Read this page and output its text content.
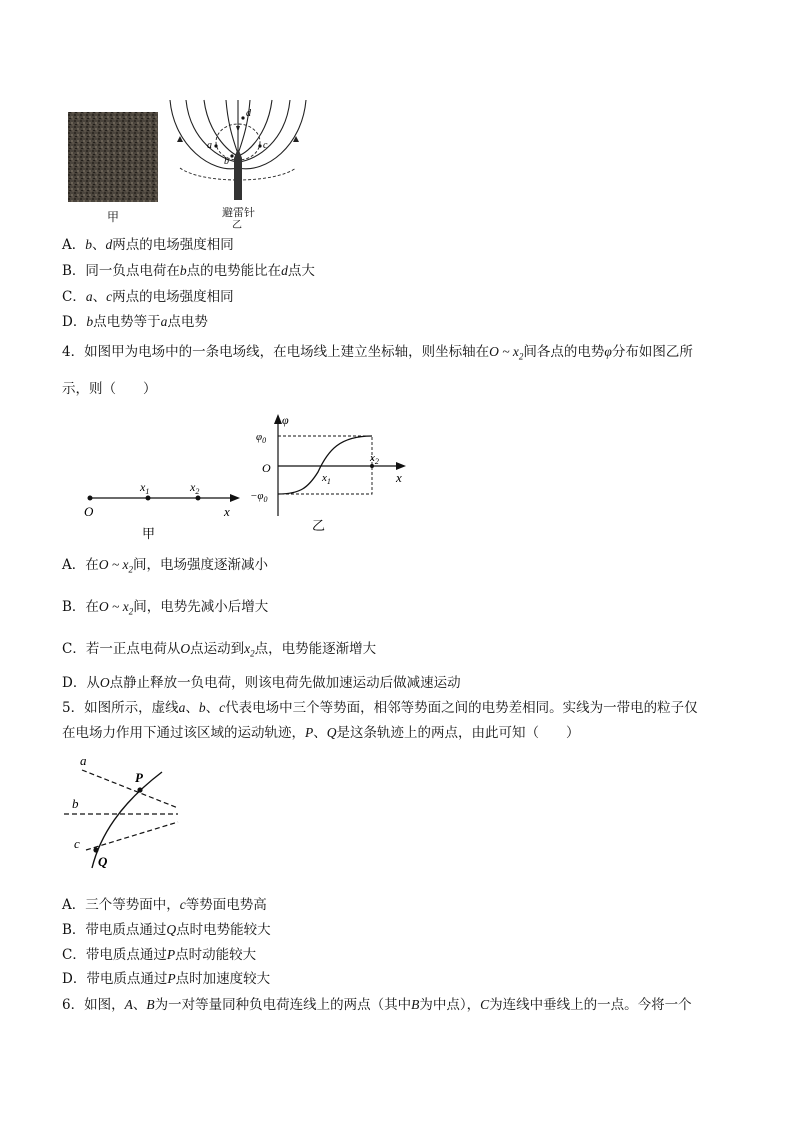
a
b
c
d
甲	避雷针
乙
A．b、d两点的电场强度相同
B．同一负点电荷在b点的电势能比在d点大
C．a、c两点的电场强度相同
D．b点电势等于a点电势
4．如图甲为电场中的一条电场线，在电场线上建立坐标轴，则坐标轴在O ~ $x_2$间各点的电势φ分布如图乙所
示，则（　　）
O
$x_1$	$x_2$
x
甲
φ
$\varphi_0$
$-\varphi_0$
O
$x_1$
$x_2$
x
乙
A．在O ~ $x_2$间，电场强度逐渐减小
B．在O ~ $x_2$间，电势先减小后增大
C．若一正点电荷从O点运动到$x_2$点，电势能逐渐增大
D．从O点静止释放一负电荷，则该电荷先做加速运动后做减速运动
5．如图所示，虚线a、b、c代表电场中三个等势面，相邻等势面之间的电势差相同。实线为一带电的粒子仅
在电场力作用下通过该区域的运动轨迹，P、Q是这条轨迹上的两点，由此可知（　　）
a
b
c
P
Q
A．三个等势面中，c等势面电势高
B．带电质点通过Q点时电势能较大
C．带电质点通过P点时动能较大
D．带电质点通过P点时加速度较大
6．如图，A、B为一对等量同种负电荷连线上的两点（其中B为中点），C为连线中垂线上的一点。今将一个
